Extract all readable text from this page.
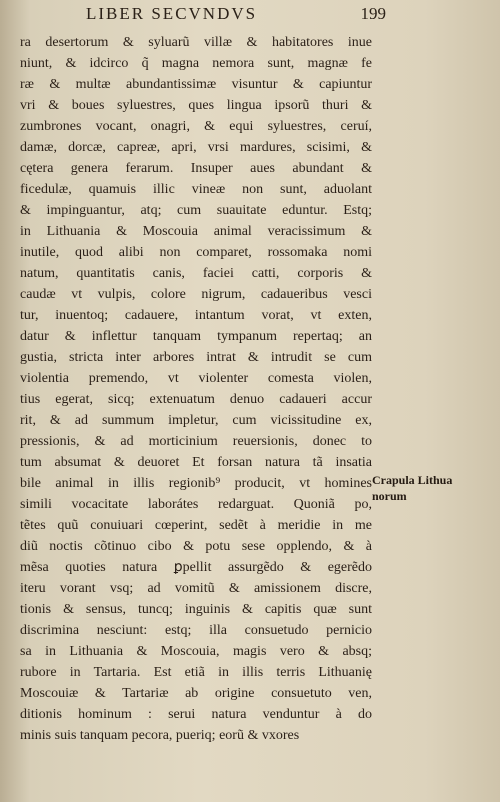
LIBER SECVNDVS	199
ra desertorum & syluarũ villæ & habitatores inue
niunt, & idcirco q̃ magna nemora sunt, magnæ fe
ræ & multæ abundantissimæ visuntur & capiuntur
vri & boues syluestres, ques lingua ipsorũ thuri &
zumbrones vocant, onagri, & equi syluestres, ceruí,
damæ, dorcæ, capreæ, apri, vrsi mardures, scisimi, &
cętera genera ferarum. Insuper aues abundant &
ficedulæ, quamuis illic vineæ non sunt, aduolant
& impinguantur, atq; cum suauitate eduntur. Estq;
in Lithuania & Moscouia animal veracissimum &
inutile, quod alibi non comparet, rossomaka nomi
natum, quantitatis canis, faciei catti, corporis &
caudæ vt vulpis, colore nigrum, cadaueribus vesci
tur, inuentoq; cadauere, intantum vorat, vt exten,
datur & inflettur tanquam tympanum repertaq; an
gustia, stricta inter arbores intrat & intrudit se cum
violentia premendo, vt violenter comesta violen,
tius egerat, sicq; extenuatum denuo cadaueri accur
rit, & ad summum impletur, cum vicissitudine ex,
pressionis, & ad morticinium reuersionis, donec to
tum absumat & deuoret Et forsan natura tã insatia
bile animal in illis regionib⁹ producit, vt homines
simili vocacitate laborátes redarguat. Quoniã po,
tẽtes quũ conuiuari cœperint, sedẽt à meridie in me
diũ noctis cõtinuo cibo & potu sese opplendo, & à
mẽsa quoties natura ꝑpellit assurgẽdo & egerẽdo
iteru vorant vsq; ad vomitũ & amissionem discre,
tionis & sensus, tuncq; inguinis & capitis quæ sunt
discrimina nesciunt: estq; illa consuetudo pernicio
sa in Lithuania & Moscouia, magis vero & absq;
rubore in Tartaria. Est etiã in illis terris Lithuanię
Moscouiæ & Tartariæ ab origine consuetuto ven,
ditionis hominum : serui natura venduntur à do
minis suis tanquam pecora, pueriq; eorũ & vxores
Crapula Lithua
norum
